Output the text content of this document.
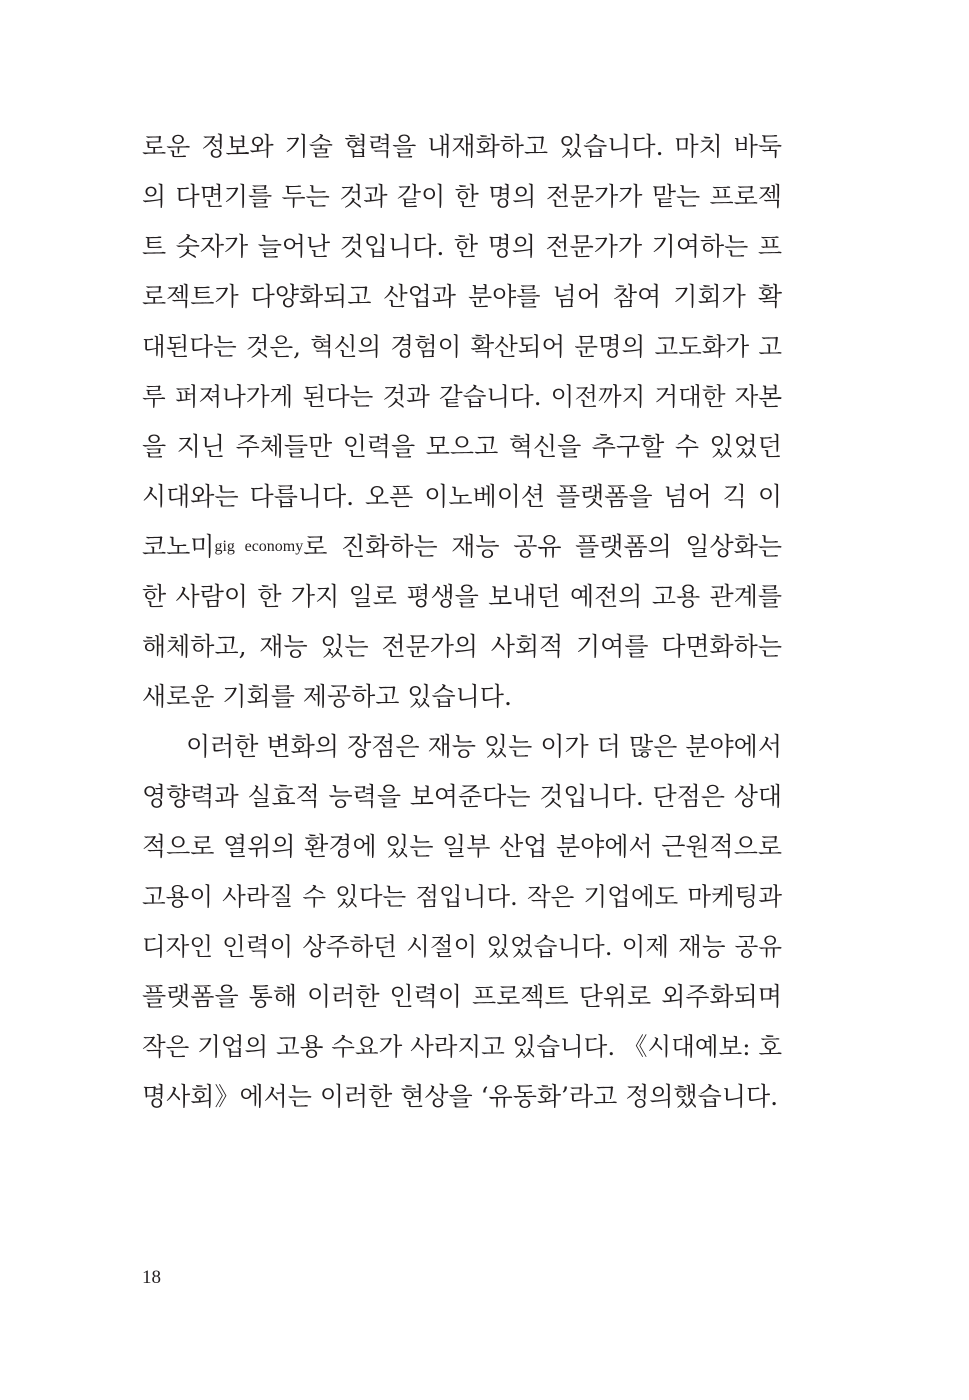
로운 정보와 기술 협력을 내재화하고 있습니다. 마치 바둑
의 다면기를 두는 것과 같이 한 명의 전문가가 맡는 프로젝
트 숫자가 늘어난 것입니다. 한 명의 전문가가 기여하는 프
로젝트가 다양화되고 산업과 분야를 넘어 참여 기회가 확
대된다는 것은, 혁신의 경험이 확산되어 문명의 고도화가 고
루 퍼져나가게 된다는 것과 같습니다. 이전까지 거대한 자본
을 지닌 주체들만 인력을 모으고 혁신을 추구할 수 있었던
시대와는 다릅니다. 오픈 이노베이션 플랫폼을 넘어 긱 이
코노미gig economy로 진화하는 재능 공유 플랫폼의 일상화는
한 사람이 한 가지 일로 평생을 보내던 예전의 고용 관계를
해체하고, 재능 있는 전문가의 사회적 기여를 다면화하는
새로운 기회를 제공하고 있습니다.
이러한 변화의 장점은 재능 있는 이가 더 많은 분야에서
영향력과 실효적 능력을 보여준다는 것입니다. 단점은 상대
적으로 열위의 환경에 있는 일부 산업 분야에서 근원적으로
고용이 사라질 수 있다는 점입니다. 작은 기업에도 마케팅과
디자인 인력이 상주하던 시절이 있었습니다. 이제 재능 공유
플랫폼을 통해 이러한 인력이 프로젝트 단위로 외주화되며
작은 기업의 고용 수요가 사라지고 있습니다. 《시대예보: 호
명사회》에서는 이러한 현상을 ‘유동화’라고 정의했습니다.
18
